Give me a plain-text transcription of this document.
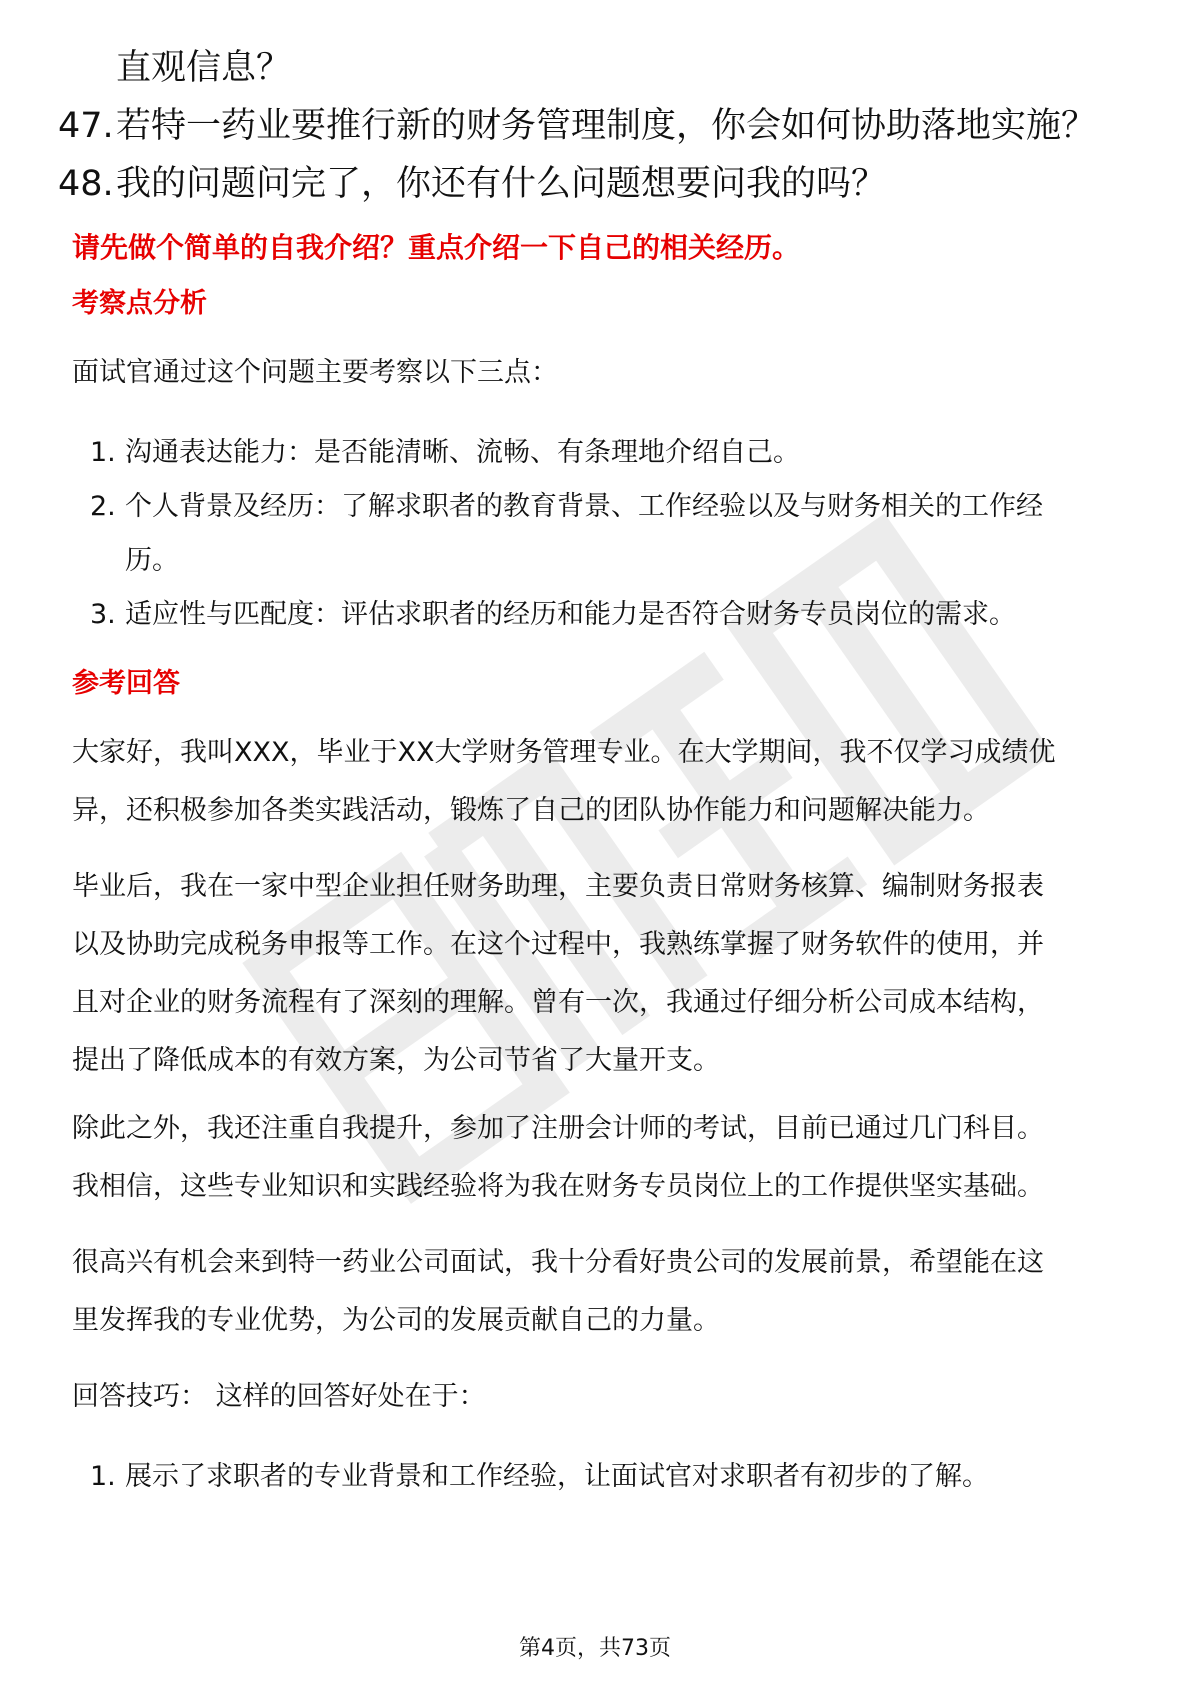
直观信息？
47.若特一药业要推行新的财务管理制度，你会如何协助落地实施？
48.我的问题问完了，你还有什么问题想要问我的吗？
请先做个简单的自我介绍？重点介绍一下自己的相关经历。
考察点分析
面试官通过这个问题主要考察以下三点：
1. 沟通表达能力：是否能清晰、流畅、有条理地介绍自己。
2. 个人背景及经历：了解求职者的教育背景、工作经验以及与财务相关的工作经
历。
3. 适应性与匹配度：评估求职者的经历和能力是否符合财务专员岗位的需求。
参考回答
大家好，我叫XXX，毕业于XX大学财务管理专业。在大学期间，我不仅学习成绩优
异，还积极参加各类实践活动，锻炼了自己的团队协作能力和问题解决能力。
毕业后，我在一家中型企业担任财务助理，主要负责日常财务核算、编制财务报表
以及协助完成税务申报等工作。在这个过程中，我熟练掌握了财务软件的使用，并
且对企业的财务流程有了深刻的理解。曾有一次，我通过仔细分析公司成本结构，
提出了降低成本的有效方案，为公司节省了大量开支。
除此之外，我还注重自我提升，参加了注册会计师的考试，目前已通过几门科目。
我相信，这些专业知识和实践经验将为我在财务专员岗位上的工作提供坚实基础。
很高兴有机会来到特一药业公司面试，我十分看好贵公司的发展前景，希望能在这
里发挥我的专业优势，为公司的发展贡献自己的力量。
回答技巧： 这样的回答好处在于：
1. 展示了求职者的专业背景和工作经验，让面试官对求职者有初步的了解。
第4页，共73页
